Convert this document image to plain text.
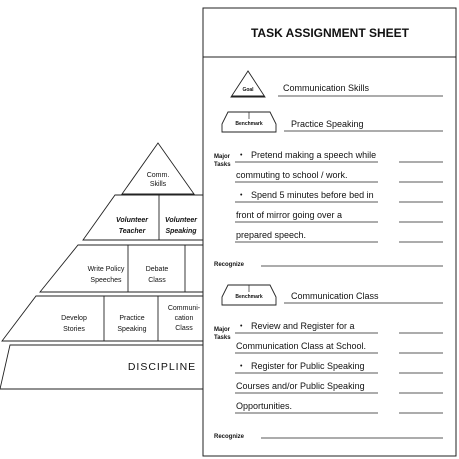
Comm.
Skills
Volunteer
Teacher
Volunteer
Speaking
Write Policy
Speeches
Debate
Class
Develop
Stories
Practice
Speaking
Communi-
cation
Class
DISCIPLINE
TASK ASSIGNMENT SHEET
Goal	Communication Skills
Benchmark	Practice Speaking
Major
Tasks
• Pretend making a speech while
commuting to school / work.
• Spend 5 minutes before bed in
front of mirror going over a
prepared speech.
Recognize
Benchmark	Communication Class
Major
Tasks
• Review and Register for a
Communication Class at School.
• Register for Public Speaking
Courses and/or Public Speaking
Opportunities.
Recognize
